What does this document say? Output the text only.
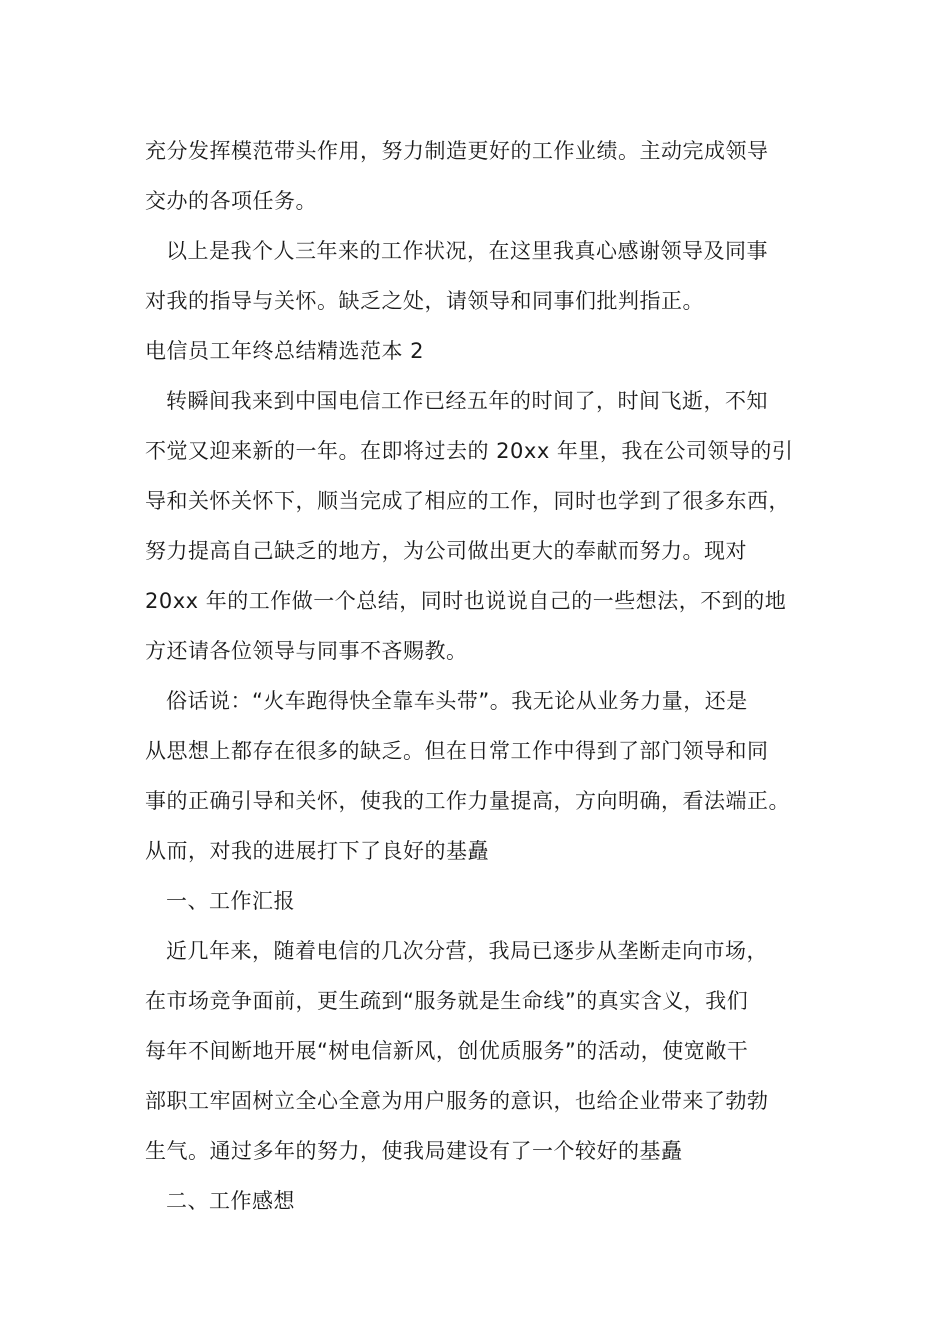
充分发挥模范带头作用，努力制造更好的工作业绩。主动完成领导
交办的各项任务。
以上是我个人三年来的工作状况，在这里我真心感谢领导及同事
对我的指导与关怀。缺乏之处，请领导和同事们批判指正。
电信员工年终总结精选范本 2
转瞬间我来到中国电信工作已经五年的时间了，时间飞逝，不知
不觉又迎来新的一年。在即将过去的 20xx 年里，我在公司领导的引
导和关怀关怀下，顺当完成了相应的工作，同时也学到了很多东西，
努力提高自己缺乏的地方，为公司做出更大的奉献而努力。现对
20xx 年的工作做一个总结，同时也说说自己的一些想法，不到的地
方还请各位领导与同事不吝赐教。
俗话说：“火车跑得快全靠车头带”。我无论从业务力量，还是
从思想上都存在很多的缺乏。但在日常工作中得到了部门领导和同
事的正确引导和关怀，使我的工作力量提高，方向明确，看法端正。
从而，对我的进展打下了良好的基矗
一、工作汇报
近几年来，随着电信的几次分营，我局已逐步从垄断走向市场，
在市场竞争面前，更生疏到“服务就是生命线”的真实含义，我们
每年不间断地开展“树电信新风，创优质服务”的活动，使宽敞干
部职工牢固树立全心全意为用户服务的意识，也给企业带来了勃勃
生气。通过多年的努力，使我局建设有了一个较好的基矗
二、工作感想
